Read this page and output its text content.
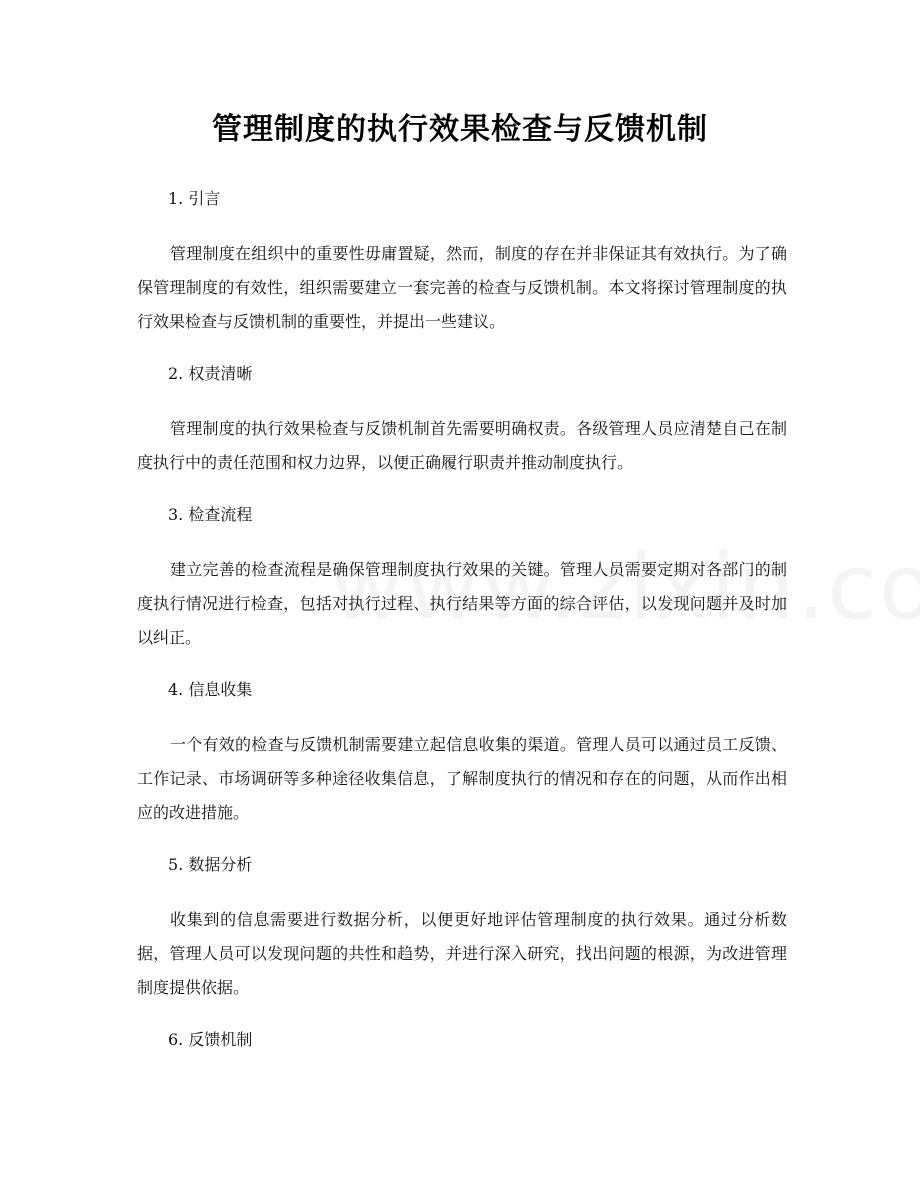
管理制度的执行效果检查与反馈机制
1. 引言
管理制度在组织中的重要性毋庸置疑，然而，制度的存在并非保证其有效执行。为了确保管理制度的有效性，组织需要建立一套完善的检查与反馈机制。本文将探讨管理制度的执行效果检查与反馈机制的重要性，并提出一些建议。
2. 权责清晰
管理制度的执行效果检查与反馈机制首先需要明确权责。各级管理人员应清楚自己在制度执行中的责任范围和权力边界，以便正确履行职责并推动制度执行。
3. 检查流程
建立完善的检查流程是确保管理制度执行效果的关键。管理人员需要定期对各部门的制度执行情况进行检查，包括对执行过程、执行结果等方面的综合评估，以发现问题并及时加以纠正。
4. 信息收集
一个有效的检查与反馈机制需要建立起信息收集的渠道。管理人员可以通过员工反馈、工作记录、市场调研等多种途径收集信息，了解制度执行的情况和存在的问题，从而作出相应的改进措施。
5. 数据分析
收集到的信息需要进行数据分析，以便更好地评估管理制度的执行效果。通过分析数据，管理人员可以发现问题的共性和趋势，并进行深入研究，找出问题的根源，为改进管理制度提供依据。
6. 反馈机制
